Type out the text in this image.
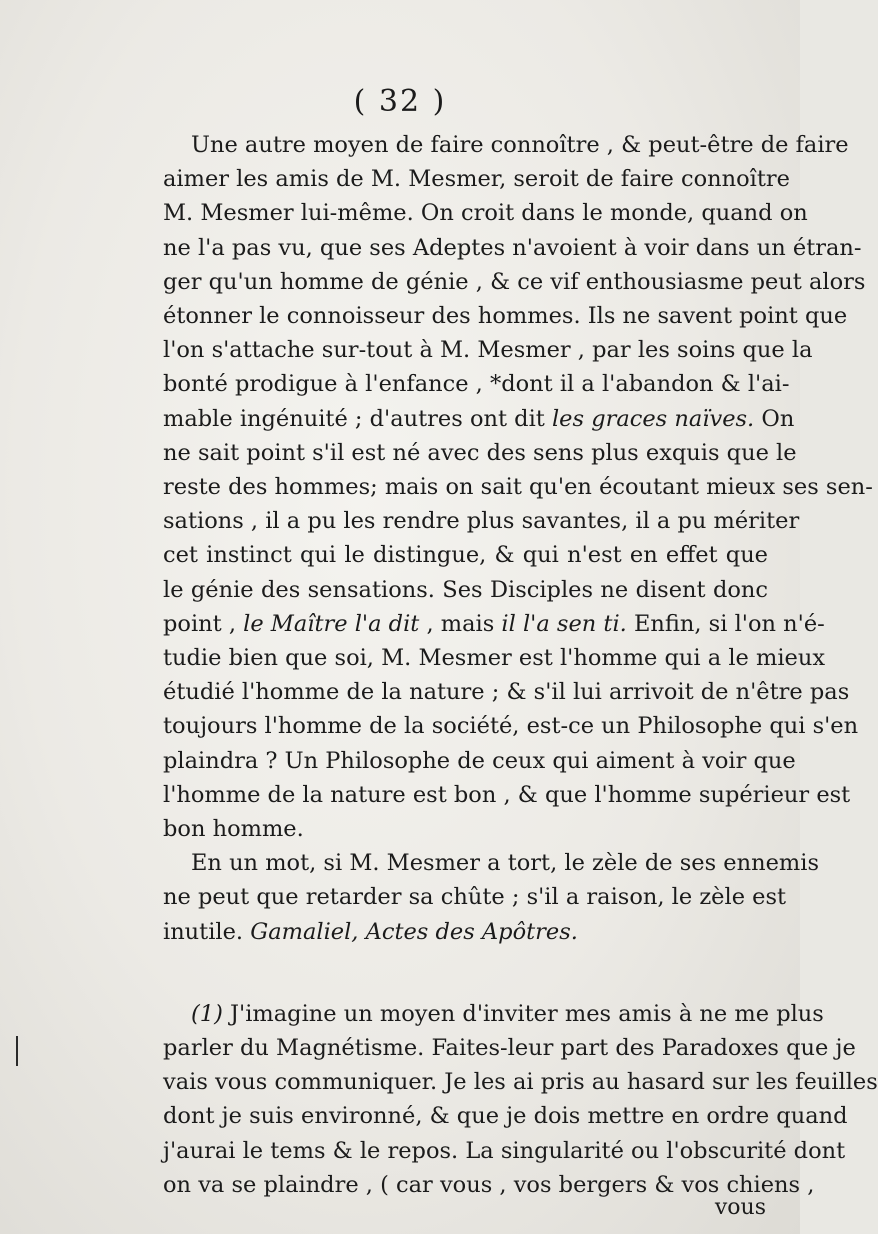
( 32 )
Une autre moyen de faire connoître , & peut-être de faire
aimer les amis de M. Mesmer, seroit de faire connoître
M. Mesmer lui-même. On croit dans le monde, quand on
ne l'a pas vu, que ses Adeptes n'avoient à voir dans un étran-
ger qu'un homme de génie , & ce vif enthousiasme peut alors
étonner le connoisseur des hommes. Ils ne savent point que
l'on s'attache sur-tout à M. Mesmer , par les soins que la
bonté prodigue à l'enfance , *dont il a l'abandon & l'ai-
mable ingénuité ; d'autres ont dit les graces naïves. On
ne sait point s'il est né avec des sens plus exquis que le
reste des hommes; mais on sait qu'en écoutant mieux ses sen-
sations , il a pu les rendre plus savantes, il a pu mériter
cet instinct qui le distingue, & qui n'est en effet que
le génie des sensations. Ses Disciples ne disent donc
point , le Maître l'a dit , mais il l'a sen ti. Enfin, si l'on n'é-
tudie bien que soi, M. Mesmer est l'homme qui a le mieux
étudié l'homme de la nature ; & s'il lui arrivoit de n'être pas
toujours l'homme de la société, est-ce un Philosophe qui s'en
plaindra ? Un Philosophe de ceux qui aiment à voir que
l'homme de la nature est bon , & que l'homme supérieur est
bon homme.
En un mot, si M. Mesmer a tort, le zèle de ses ennemis
ne peut que retarder sa chûte ; s'il a raison, le zèle est
inutile. Gamaliel, Actes des Apôtres.
(1) J'imagine un moyen d'inviter mes amis à ne me plus
parler du Magnétisme. Faites-leur part des Paradoxes que je
vais vous communiquer. Je les ai pris au hasard sur les feuilles
dont je suis environné, & que je dois mettre en ordre quand
j'aurai le tems & le repos. La singularité ou l'obscurité dont
on va se plaindre , ( car vous , vos bergers & vos chiens ,
vous
